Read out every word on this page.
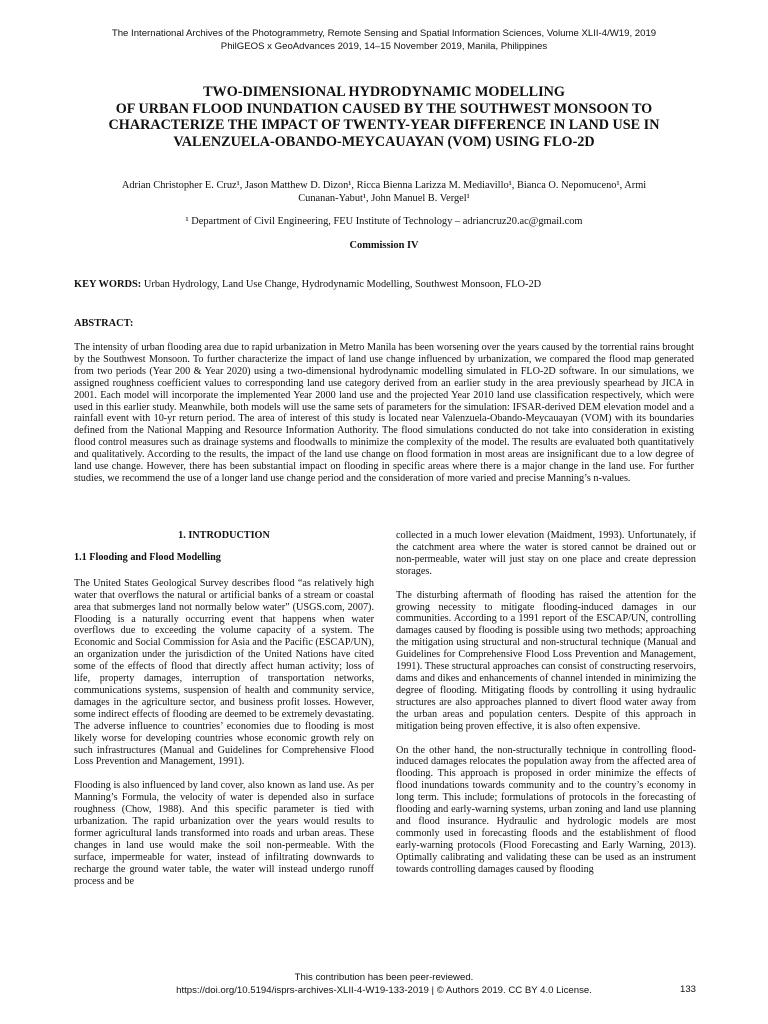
The International Archives of the Photogrammetry, Remote Sensing and Spatial Information Sciences, Volume XLII-4/W19, 2019
PhilGEOS x GeoAdvances 2019, 14–15 November 2019, Manila, Philippines
TWO-DIMENSIONAL HYDRODYNAMIC MODELLING
OF URBAN FLOOD INUNDATION CAUSED BY THE SOUTHWEST MONSOON TO
CHARACTERIZE THE IMPACT OF TWENTY-YEAR DIFFERENCE IN LAND USE IN
VALENZUELA-OBANDO-MEYCAUAYAN (VOM) USING FLO-2D
Adrian Christopher E. Cruz¹, Jason Matthew D. Dizon¹, Ricca Bienna Larizza M. Mediavillo¹, Bianca O. Nepomuceno¹, Armi
Cunanan-Yabut¹, John Manuel B. Vergel¹
¹ Department of Civil Engineering, FEU Institute of Technology – adriancruz20.ac@gmail.com
Commission IV
KEY WORDS: Urban Hydrology, Land Use Change, Hydrodynamic Modelling, Southwest Monsoon, FLO-2D
ABSTRACT:
The intensity of urban flooding area due to rapid urbanization in Metro Manila has been worsening over the years caused by the torrential rains brought by the Southwest Monsoon. To further characterize the impact of land use change influenced by urbanization, we compared the flood map generated from two periods (Year 200 & Year 2020) using a two-dimensional hydrodynamic modelling simulated in FLO-2D software. In our simulations, we assigned roughness coefficient values to corresponding land use category derived from an earlier study in the area previously spearhead by JICA in 2001. Each model will incorporate the implemented Year 2000 land use and the projected Year 2010 land use classification respectively, which were used in this earlier study. Meanwhile, both models will use the same sets of parameters for the simulation: IFSAR-derived DEM elevation model and a rainfall event with 10-yr return period. The area of interest of this study is located near Valenzuela-Obando-Meycauayan (VOM) with its boundaries defined from the National Mapping and Resource Information Authority. The flood simulations conducted do not take into consideration in existing flood control measures such as drainage systems and floodwalls to minimize the complexity of the model. The results are evaluated both quantitatively and qualitatively. According to the results, the impact of the land use change on flood formation in most areas are insignificant due to a low degree of land use change. However, there has been substantial impact on flooding in specific areas where there is a major change in the land use. For further studies, we recommend the use of a longer land use change period and the consideration of more varied and precise Manning’s n-values.
1. INTRODUCTION
1.1 Flooding and Flood Modelling

The United States Geological Survey describes flood “as relatively high water that overflows the natural or artificial banks of a stream or coastal area that submerges land not normally below water” (USGS.com, 2007). Flooding is a naturally occurring event that happens when water overflows due to exceeding the volume capacity of a system. The Economic and Social Commission for Asia and the Pacific (ESCAP/UN), an organization under the jurisdiction of the United Nations have cited some of the effects of flood that directly affect human activity; loss of life, property damages, interruption of transportation networks, communications systems, suspension of health and community service, damages in the agriculture sector, and business profit losses. However, some indirect effects of flooding are deemed to be extremely devastating. The adverse influence to countries’ economies due to flooding is most likely worse for developing countries whose economic growth rely on such infrastructures (Manual and Guidelines for Comprehensive Flood Loss Prevention and Management, 1991).

Flooding is also influenced by land cover, also known as land use. As per Manning’s Formula, the velocity of water is depended also in surface roughness (Chow, 1988). And this specific parameter is tied with urbanization. The rapid urbanization over the years would results to former agricultural lands transformed into roads and urban areas. These changes in land use would make the soil non-permeable. With the surface, impermeable for water, instead of infiltrating downwards to recharge the ground water table, the water will instead undergo runoff process and be

collected in a much lower elevation (Maidment, 1993). Unfortunately, if the catchment area where the water is stored cannot be drained out or non-permeable, water will just stay on one place and create depression storages.

The disturbing aftermath of flooding has raised the attention for the growing necessity to mitigate flooding-induced damages in our communities. According to a 1991 report of the ESCAP/UN, controlling damages caused by flooding is possible using two methods; approaching the mitigation using structural and non-structural technique (Manual and Guidelines for Comprehensive Flood Loss Prevention and Management, 1991). These structural approaches can consist of constructing reservoirs, dams and dikes and enhancements of channel intended in minimizing the degree of flooding. Mitigating floods by controlling it using hydraulic structures are also approaches planned to divert flood water away from the urban areas and population centers. Despite of this approach in mitigation being proven effective, it is also often expensive.

On the other hand, the non-structurally technique in controlling flood-induced damages relocates the population away from the affected area of flooding. This approach is proposed in order minimize the effects of flood inundations towards community and to the country’s economy in long term. This include; formulations of protocols in the forecasting of flooding and early-warning systems, urban zoning and land use planning and flood insurance. Hydraulic and hydrologic models are most commonly used in forecasting floods and the establishment of flood early-warning protocols (Flood Forecasting and Early Warning, 2013). Optimally calibrating and validating these can be used as an instrument towards controlling damages caused by flooding

This contribution has been peer-reviewed.
https://doi.org/10.5194/isprs-archives-XLII-4-W19-133-2019 | © Authors 2019. CC BY 4.0 License.	133
